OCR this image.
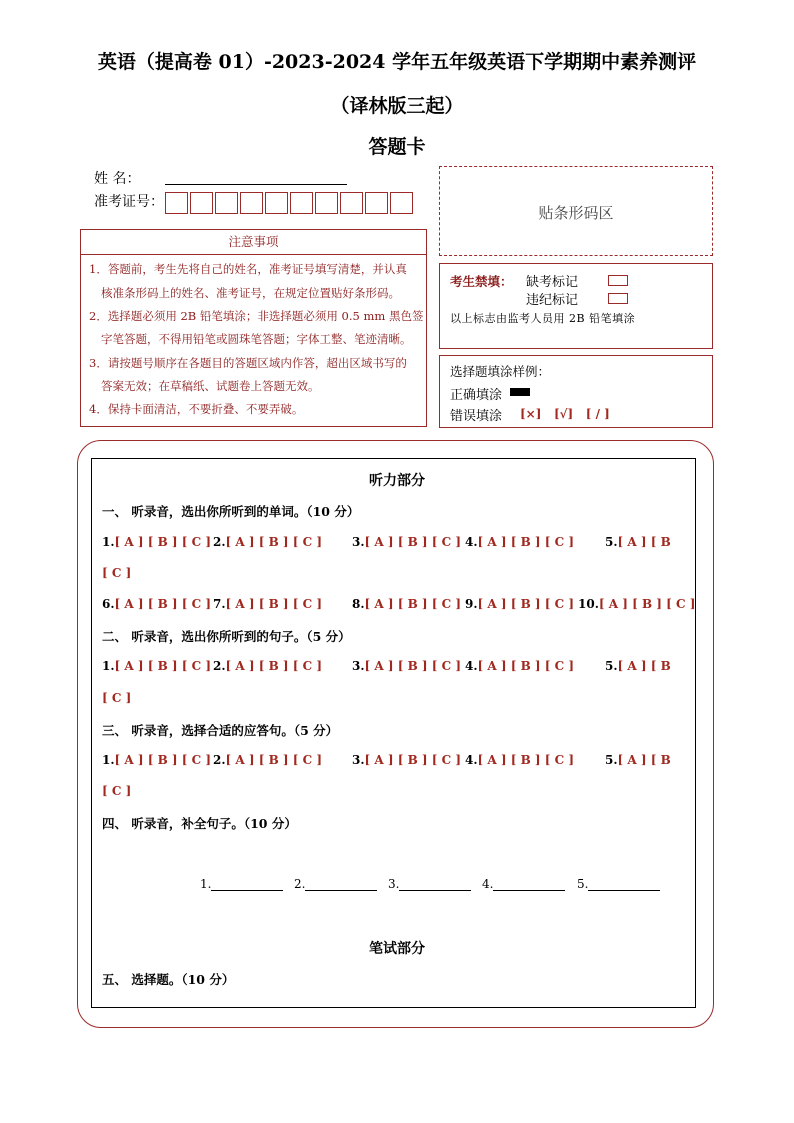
英语（提高卷 01）-2023-2024 学年五年级英语下学期期中素养测评
（译林版三起）
答题卡
姓 名：
准考证号：
贴条形码区
注意事项
1．答题前，考生先将自己的姓名，准考证号填写清楚，并认真
核准条形码上的姓名、准考证号，在规定位置贴好条形码。
2．选择题必须用 2B 铅笔填涂；非选择题必须用 0.5 mm 黑色签
字笔答题，不得用铅笔或圆珠笔答题；字体工整、笔迹清晰。
3．请按题号顺序在各题目的答题区域内作答，超出区域书写的
答案无效；在草稿纸、试题卷上答题无效。
4．保持卡面清洁，不要折叠、不要弄破。
考生禁填： 缺考标记
违纪标记
以上标志由监考人员用 2B 铅笔填涂
选择题填涂样例：
正确填涂
错误填涂 [×]   [√]   [ / ]
听力部分
一、 听录音，选出你所听到的单词。（10 分）
1.[ A ] [ B ] [ C ] 2.[ A ] [ B ] [ C ] 3.[ A ] [ B ] [ C ] 4.[ A ] [ B ] [ C ]	5.[ A ] [ B
[ C ]
6.[ A ] [ B ] [ C ] 7.[ A ] [ B ] [ C ] 8.[ A ] [ B ] [ C ] 9.[ A ] [ B ] [ C ] 10.[ A ] [ B ] [ C ]
二、 听录音，选出你所听到的句子。（5 分）
1.[ A ] [ B ] [ C ] 2.[ A ] [ B ] [ C ] 3.[ A ] [ B ] [ C ] 4.[ A ] [ B ] [ C ]	5.[ A ] [ B
[ C ]
三、 听录音，选择合适的应答句。（5 分）
1.[ A ] [ B ] [ C ] 2.[ A ] [ B ] [ C ] 3.[ A ] [ B ] [ C ] 4.[ A ] [ B ] [ C ]	5.[ A ] [ B
[ C ]
四、 听录音，补全句子。（10 分）
1.	2.	3.	4.	5.
笔试部分
五、 选择题。（10 分）
